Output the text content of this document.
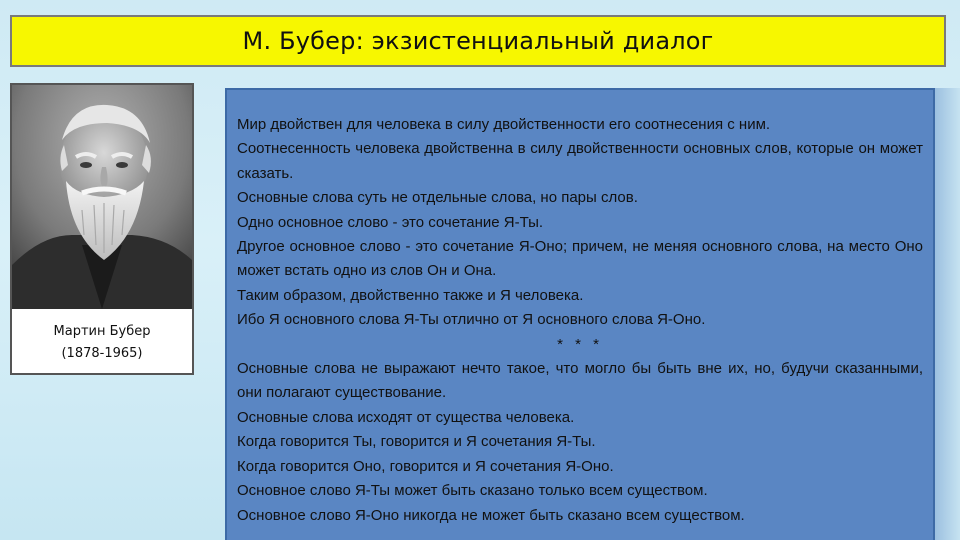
М. Бубер: экзистенциальный диалог
Мартин Бубер
(1878-1965)

Мир двойствен для человека в силу двойственности его соотнесения с ним.

Соотнесенность человека двойственна в силу двойственности основных слов, которые он может сказать.

Основные слова суть не отдельные слова, но пары слов.

Одно основное слово - это сочетание Я-Ты.

Другое основное слово - это сочетание Я-Оно; причем, не меняя основного слова, на место Оно может встать одно из слов Он и Она.

Таким образом, двойственно также и Я человека.

Ибо Я основного слова Я-Ты отлично от Я основного слова Я-Оно.

* * *

Основные слова не выражают нечто такое, что могло бы быть вне их, но, будучи сказанными, они полагают существование.

Основные слова исходят от существа человека.

Когда говорится Ты, говорится и Я сочетания Я-Ты.

Когда говорится Оно, говорится и Я сочетания Я-Оно.

Основное слово Я-Ты может быть сказано только всем существом.

Основное слово Я-Оно никогда не может быть сказано всем существом.
